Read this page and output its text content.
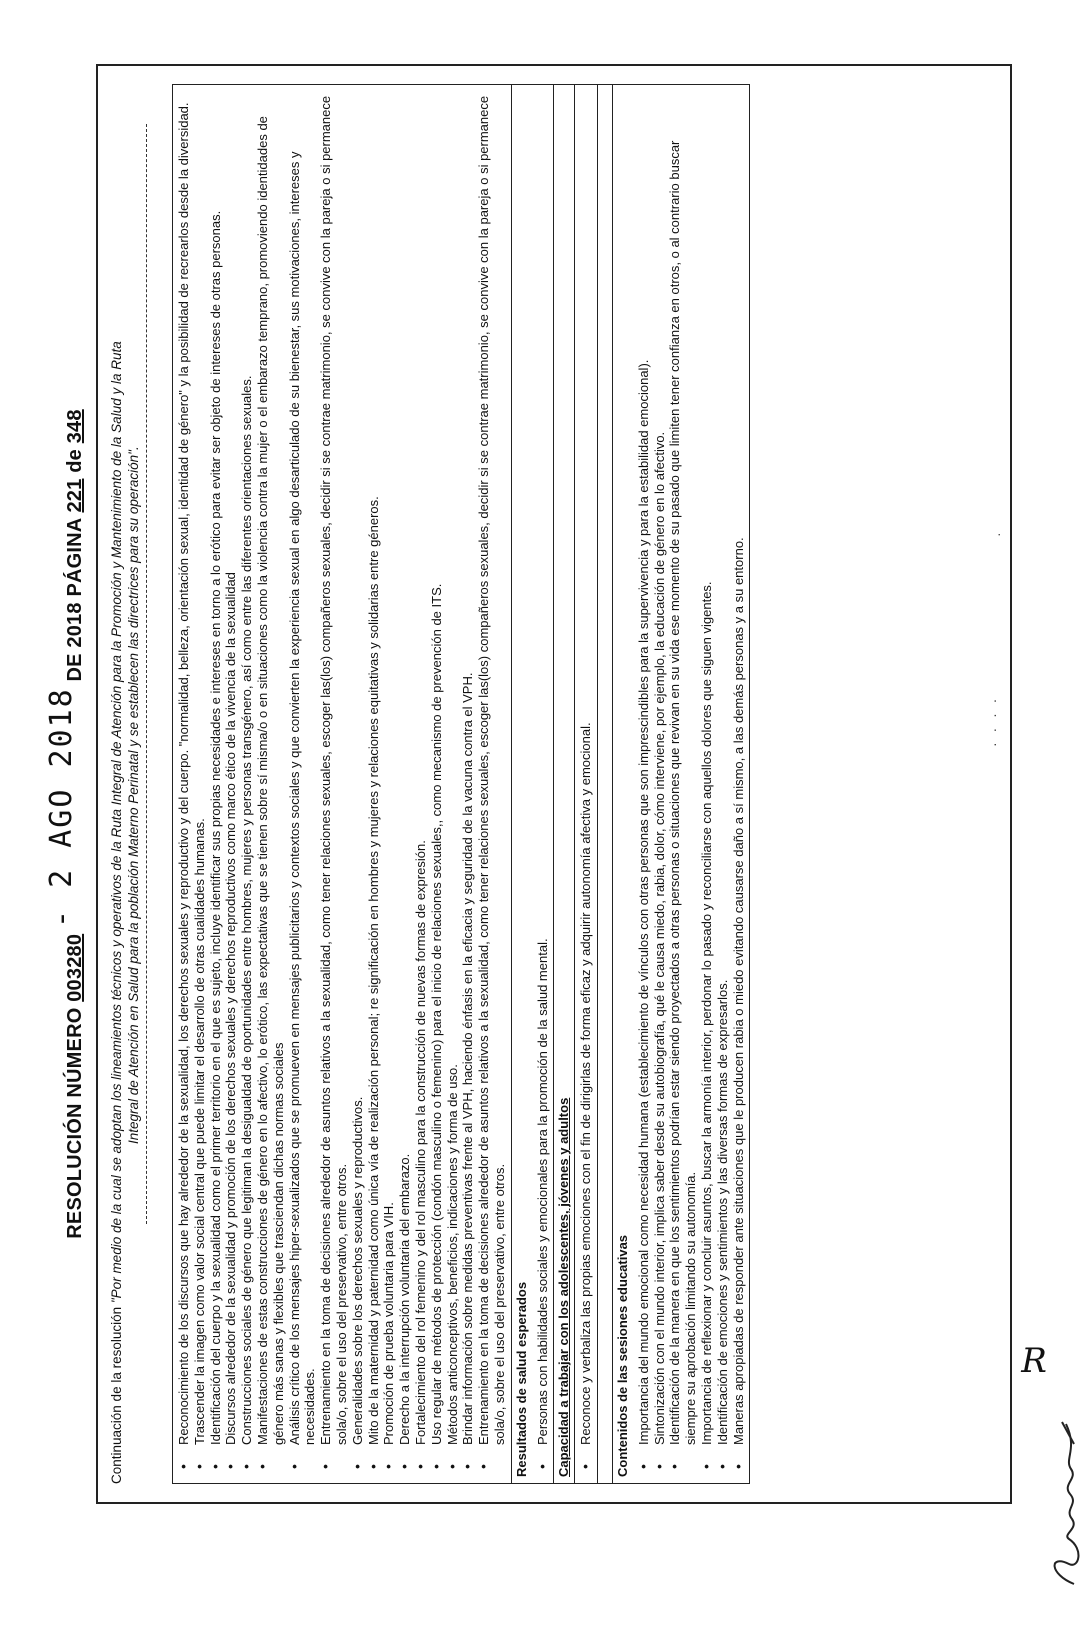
RESOLUCIÓN NÚMERO 003280 - 2 AGO 2018 DE 2018 PÁGINA 221 de 348
Continuación de la resolución "Por medio de la cual se adoptan los lineamientos técnicos y operativos de la Ruta Integral de Atención para la Promoción y Mantenimiento de la Salud y la Ruta Integral de Atención en Salud para la población Materno Perinatal y se establecen las directrices para su operación".	• Reconocimiento de los discursos que hay alrededor de la sexualidad, los derechos sexuales y reproductivo y del cuerpo. "normalidad, belleza, orientación sexual, identidad de género" y la posibilidad de recrearlos desde la diversidad. • Trascender la imagen como valor social central que puede limitar el desarrollo de otras cualidades humanas. • Identificación del cuerpo y la sexualidad como el primer territorio en el que es sujeto, incluye identificar sus propias necesidades e intereses en torno a lo erótico para evitar ser objeto de intereses de otras personas. • Discursos alrededor de la sexualidad y promoción de los derechos sexuales y derechos reproductivos como marco ético de la vivencia de la sexualidad • Construcciones sociales de género que legitiman la desigualdad de oportunidades entre hombres, mujeres y personas transgénero, así como entre las diferentes orientaciones sexuales. • Manifestaciones de estas construcciones de género en lo afectivo, lo erótico, las expectativas que se tienen sobre sí misma/o o en situaciones como la violencia contra la mujer o el embarazo temprano, promoviendo identidades de género más sanas y flexibles que trasciendan dichas normas sociales • Análisis crítico de los mensajes hiper-sexualizados que se promueven en mensajes publicitarios y contextos sociales y que convierten la experiencia sexual en algo desarticulado de su bienestar, sus motivaciones, intereses y necesidades. • Entrenamiento en la toma de decisiones alrededor de asuntos relativos a la sexualidad, como tener relaciones sexuales, escoger las(los) compañeros sexuales, decidir si se contrae matrimonio, se convive con la pareja o si permanece sola/o, sobre el uso del preservativo, entre otros. • Generalidades sobre los derechos sexuales y reproductivos. • Mito de la maternidad y paternidad como única vía de realización personal; re significación en hombres y mujeres y relaciones equitativas y solidarias entre géneros. • Promoción de prueba voluntaria para VIH. • Derecho a la interrupción voluntaria del embarazo. • Fortalecimiento del rol femenino y del rol masculino para la construcción de nuevas formas de expresión. • Uso regular de métodos de protección (condón masculino o femenino) para el inicio de relaciones sexuales,, como mecanismo de prevención de ITS. • Métodos anticonceptivos, beneficios, indicaciones y forma de uso. • Brindar información sobre medidas preventivas frente al VPH, haciendo énfasis en la eficacia y seguridad de la vacuna contra el VPH. • Entrenamiento en la toma de decisiones alrededor de asuntos relativos a la sexualidad, como tener relaciones sexuales, escoger las(los) compañeros sexuales, decidir si se contrae matrimonio, se convive con la pareja o si permanece sola/o, sobre el uso del preservativo, entre otros. Resultados de salud esperados • Personas con habilidades sociales y emocionales para la promoción de la salud mental. Capacidad a trabajar con los adolescentes, jóvenes y adultos • Reconoce y verbaliza las propias emociones con el fin de dirigirlas de forma eficaz y adquirir autonomía afectiva y emocional. Contenidos de las sesiones educativas • Importancia del mundo emocional como necesidad humana (establecimiento de vínculos con otras personas que son imprescindibles para la supervivencia y para la estabilidad emocional). • Sintonización con el mundo interior, implica saber desde su autobiografía, qué le causa miedo, rabia, dolor, cómo interviene, por ejemplo, la educación de género en lo afectivo. • Identificación de la manera en que los sentimientos podrían estar siendo proyectados a otras personas o situaciones que revivan en su vida ese momento de su pasado que limiten tener confianza en otros, o al contrario buscar siempre su aprobación limitando su autonomía. • Importancia de reflexionar y concluir asuntos, buscar la armonía interior, perdonar lo pasado y reconciliarse con aquellos dolores que siguen vigentes. • Identificación de emociones y sentimientos y las diversas formas de expresarlos. • Maneras apropiadas de responder ante situaciones que le producen rabia o miedo evitando causarse daño a sí mismo, a las demás personas y a su entorno.	· · · ·
·
R
